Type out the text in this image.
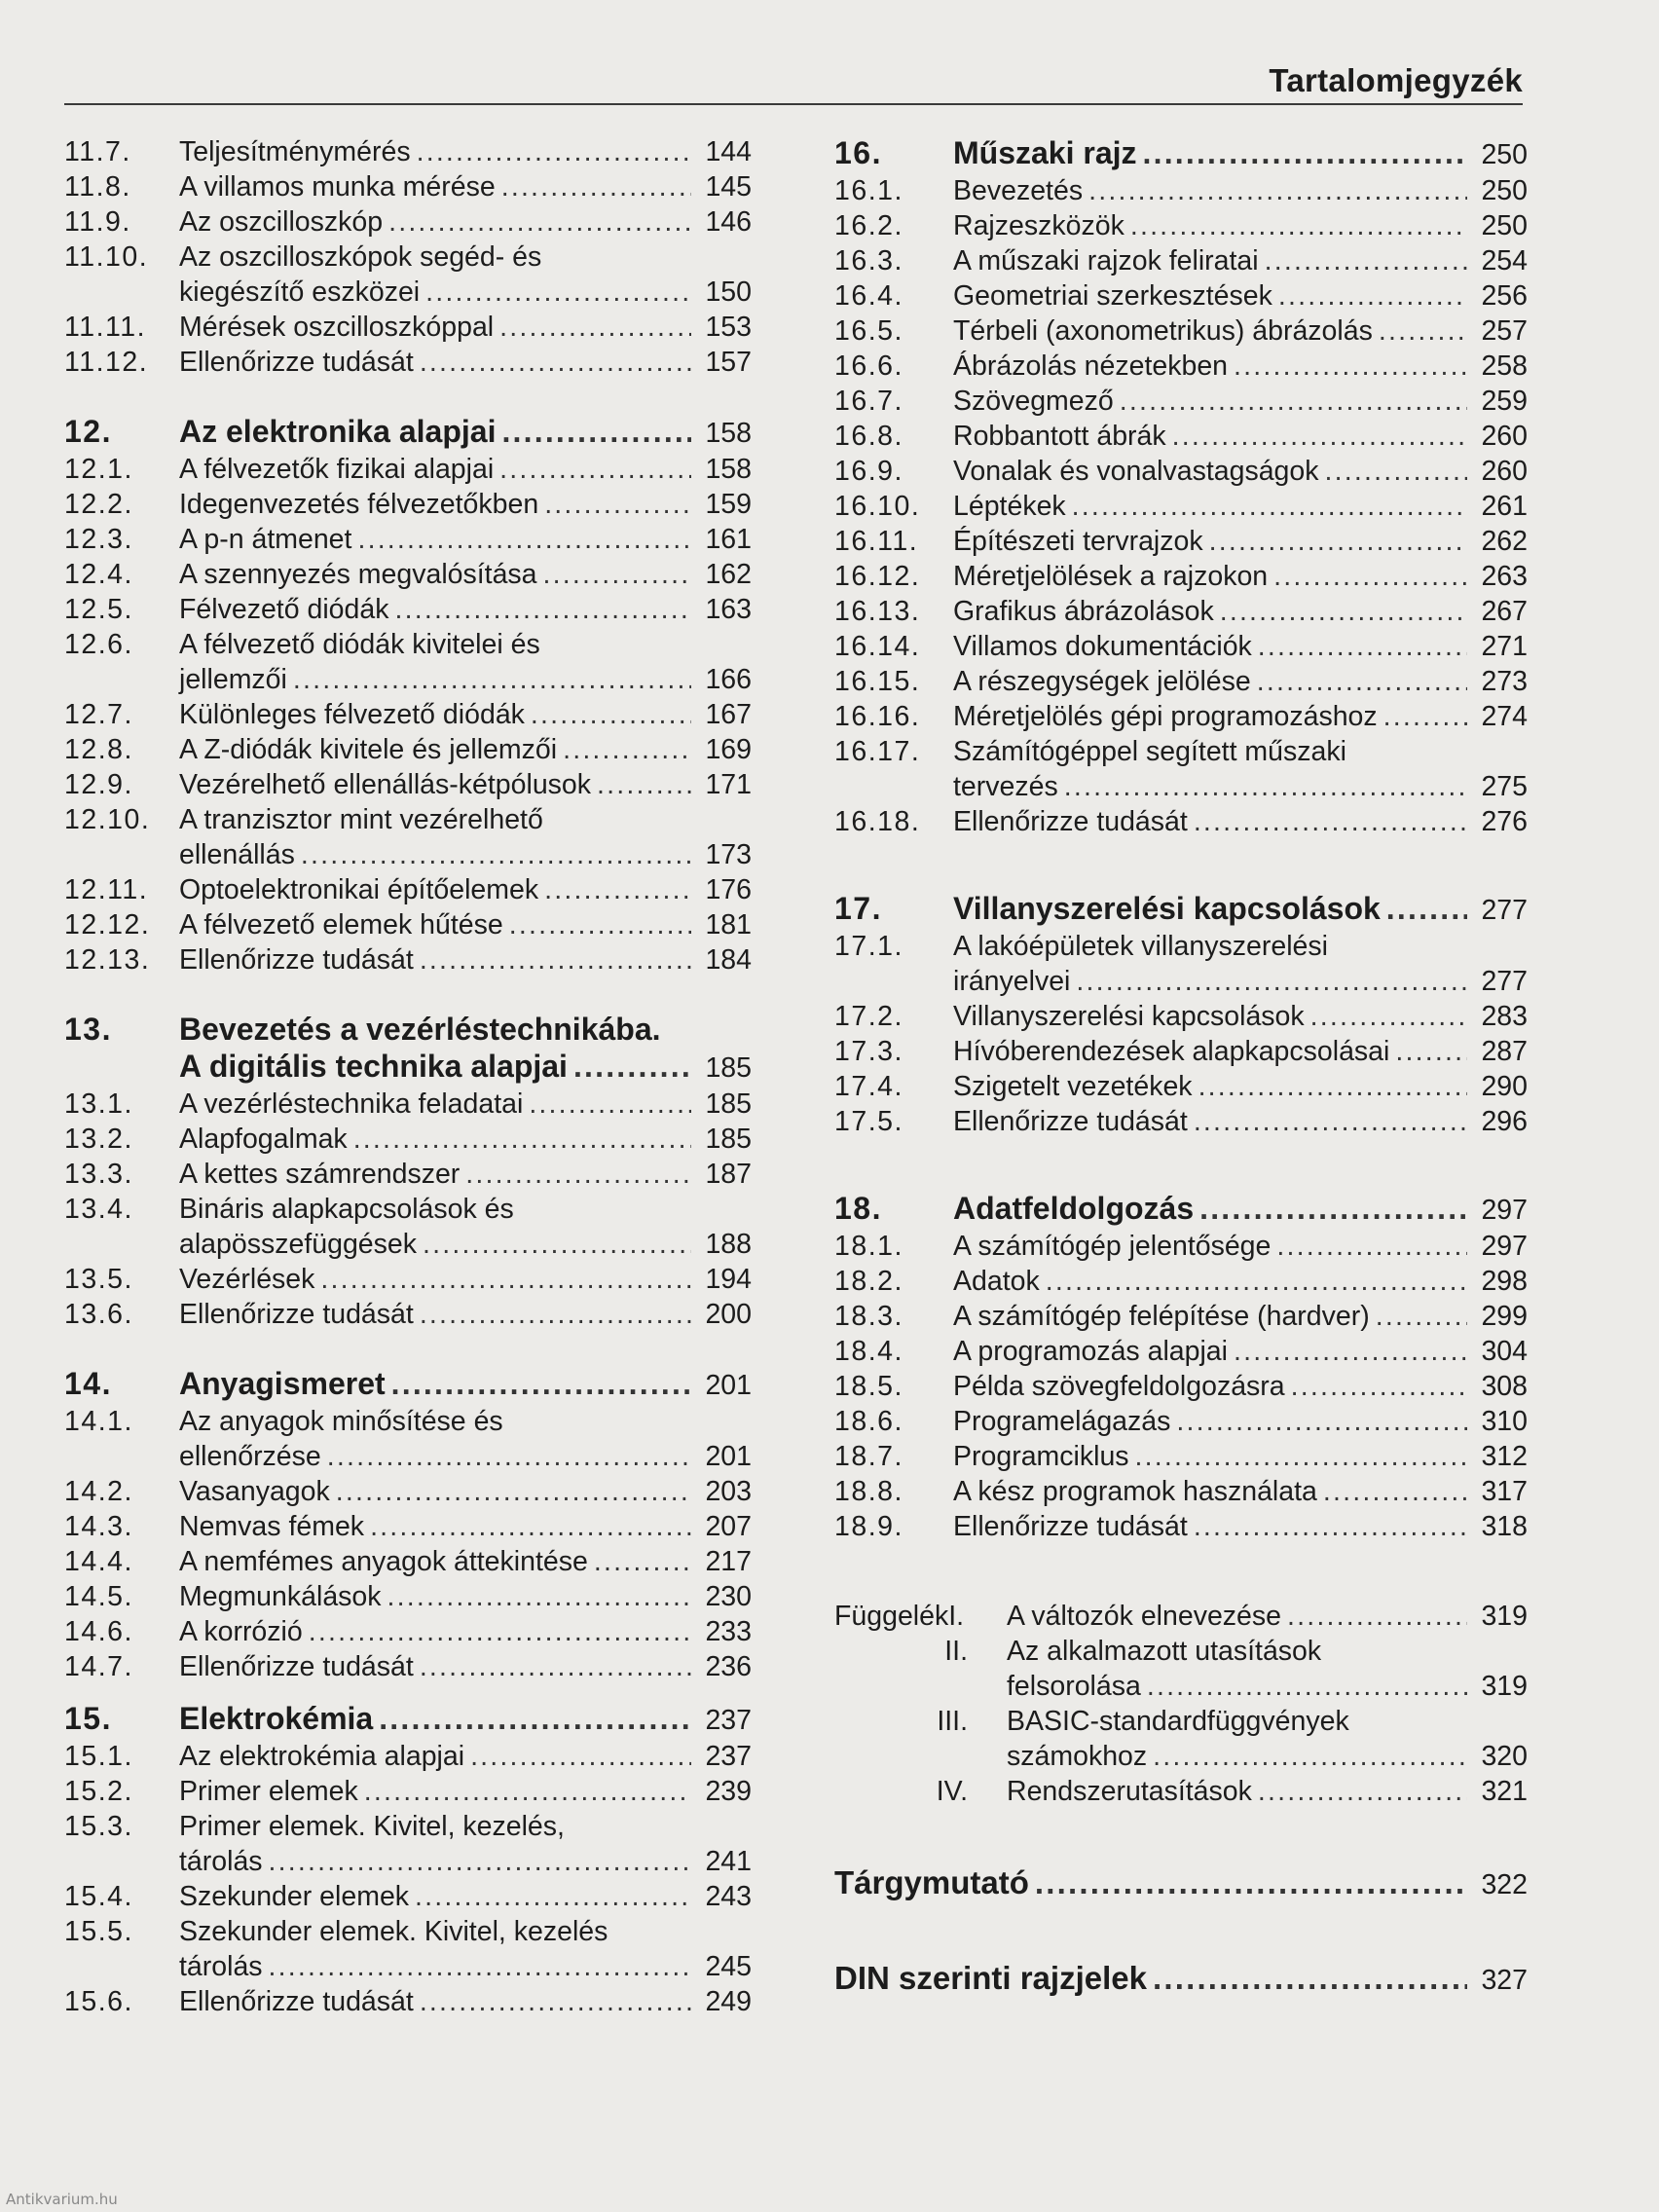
Tartalomjegyzék
11.7.	Teljesítménymérés .....	144
11.8.	A villamos munka mérése .....	145
11.9.	Az oszcilloszkóp .....	146
11.10.	Az oszcilloszkópok segéd- és
kiegészítő eszközei .....	150
11.11.	Mérések oszcilloszkóppal .....	153
11.12.	Ellenőrizze tudását .....	157
12.	Az elektronika alapjai .....	158
12.1.	A félvezetők fizikai alapjai .....	158
12.2.	Idegenvezetés félvezetőkben .....	159
12.3.	A p-n átmenet .....	161
12.4.	A szennyezés megvalósítása .....	162
12.5.	Félvezető diódák .....	163
12.6.	A félvezető diódák kivitelei és
jellemzői .....	166
12.7.	Különleges félvezető diódák .....	167
12.8.	A Z-diódák kivitele és jellemzői .....	169
12.9.	Vezérelhető ellenállás-kétpólusok .....	171
12.10.	A tranzisztor mint vezérelhető
ellenállás .....	173
12.11.	Optoelektronikai építőelemek .....	176
12.12.	A félvezető elemek hűtése .....	181
12.13.	Ellenőrizze tudását .....	184
13.	Bevezetés a vezérléstechnikába.
A digitális technika alapjai .....	185
13.1.	A vezérléstechnika feladatai .....	185
13.2.	Alapfogalmak .....	185
13.3.	A kettes számrendszer .....	187
13.4.	Bináris alapkapcsolások és
alapösszefüggések .....	188
13.5.	Vezérlések .....	194
13.6.	Ellenőrizze tudását .....	200
14.	Anyagismeret .....	201
14.1.	Az anyagok minősítése és
ellenőrzése .....	201
14.2.	Vasanyagok .....	203
14.3.	Nemvas fémek .....	207
14.4.	A nemfémes anyagok áttekintése .....	217
14.5.	Megmunkálások .....	230
14.6.	A korrózió .....	233
14.7.	Ellenőrizze tudását .....	236
15.	Elektrokémia .....	237
15.1.	Az elektrokémia alapjai .....	237
15.2.	Primer elemek .....	239
15.3.	Primer elemek. Kivitel, kezelés,
tárolás .....	241
15.4.	Szekunder elemek .....	243
15.5.	Szekunder elemek. Kivitel, kezelés
tárolás .....	245
15.6.	Ellenőrizze tudását .....	249
16.	Műszaki rajz .....	250
16.1.	Bevezetés .....	250
16.2.	Rajzeszközök .....	250
16.3.	A műszaki rajzok feliratai .....	254
16.4.	Geometriai szerkesztések .....	256
16.5.	Térbeli (axonometrikus) ábrázolás .....	257
16.6.	Ábrázolás nézetekben .....	258
16.7.	Szövegmező .....	259
16.8.	Robbantott ábrák .....	260
16.9.	Vonalak és vonalvastagságok .....	260
16.10.	Léptékek .....	261
16.11.	Építészeti tervrajzok .....	262
16.12.	Méretjelölések a rajzokon .....	263
16.13.	Grafikus ábrázolások .....	267
16.14.	Villamos dokumentációk .....	271
16.15.	A részegységek jelölése .....	273
16.16.	Méretjelölés gépi programozáshoz .....	274
16.17.	Számítógéppel segített műszaki
tervezés .....	275
16.18.	Ellenőrizze tudását .....	276
17.	Villanyszerelési kapcsolások .....	277
17.1.	A lakóépületek villanyszerelési
irányelvei .....	277
17.2.	Villanyszerelési kapcsolások .....	283
17.3.	Hívóberendezések alapkapcsolásai .....	287
17.4.	Szigetelt vezetékek .....	290
17.5.	Ellenőrizze tudását .....	296
18.	Adatfeldolgozás .....	297
18.1.	A számítógép jelentősége .....	297
18.2.	Adatok .....	298
18.3.	A számítógép felépítése (hardver) .....	299
18.4.	A programozás alapjai .....	304
18.5.	Példa szövegfeldolgozásra .....	308
18.6.	Programelágazás .....	310
18.7.	Programciklus .....	312
18.8.	A kész programok használata .....	317
18.9.	Ellenőrizze tudását .....	318
FüggelékI.	A változók elnevezése .....	319
II.	Az alkalmazott utasítások
felsorolása .....	319
III.	BASIC-standardfüggvények
számokhoz .....	320
IV.	Rendszerutasítások .....	321
Tárgymutató .....	322
DIN szerinti rajzjelek .....	327
Antikvarium.hu
